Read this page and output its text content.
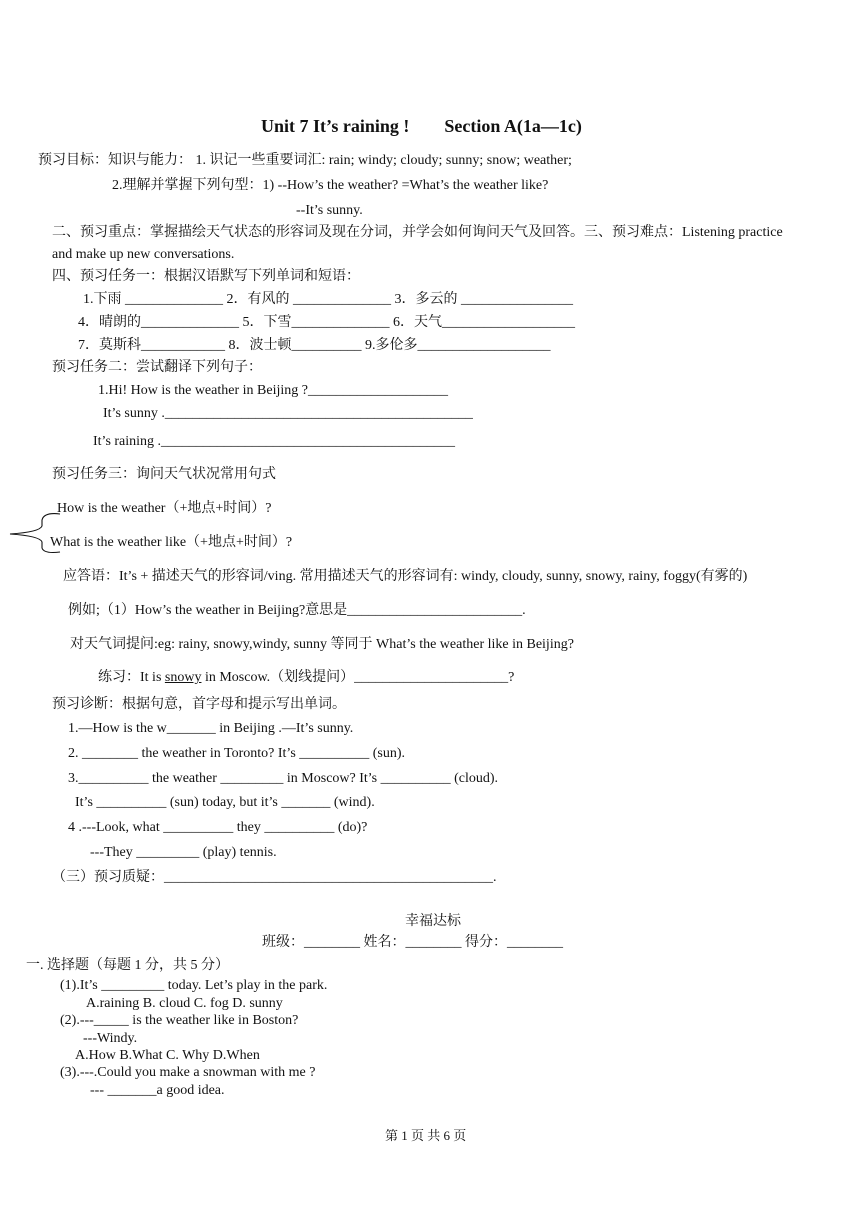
Unit 7 It’s raining ! Section A(1a—1c)
预习目标：知识与能力： 1. 识记一些重要词汇: rain; windy; cloudy; sunny; snow; weather;
2.理解并掌握下列句型：1) --How’s the weather? =What’s the weather like?
--It’s sunny.
二、预习重点：掌握描绘天气状态的形容词及现在分词，并学会如何询问天气及回答。三、预习难点：Listening practice
and make up new conversations.
四、预习任务一：根据汉语默写下列单词和短语：
1.下雨 ______________ 2．有风的 ______________ 3．多云的 ________________
4．晴朗的______________ 5．下雪______________ 6．天气___________________
7．莫斯科____________ 8．波士顿__________ 9.多伦多___________________
预习任务二：尝试翻译下列句子：
1.Hi! How is the weather in Beijing ?____________________
It’s sunny .____________________________________________
It’s raining .__________________________________________
预习任务三：询问天气状况常用句式
How is the weather（+地点+时间）?
What is the weather like（+地点+时间）?
应答语：It’s + 描述天气的形容词/ving. 常用描述天气的形容词有: windy, cloudy, sunny, snowy, rainy, foggy(有雾的)
例如;（1）How’s the weather in Beijing?意思是_________________________.
对天气词提问:eg: rainy, snowy,windy, sunny 等同于 What’s the weather like in Beijing?
练习：It is snowy in Moscow.（划线提问）______________________?
预习诊断：根据句意，首字母和提示写出单词。
1.—How is the w_______ in Beijing .—It’s sunny.
2. ________ the weather in Toronto? It’s __________ (sun).
3.__________ the weather _________ in Moscow? It’s __________ (cloud).
It’s __________ (sun) today, but it’s _______ (wind).
4 .---Look, what __________ they __________ (do)?
---They _________ (play) tennis.
（三）预习质疑：_______________________________________________.
幸福达标
班级：________ 姓名：________ 得分：________
一. 选择题（每题 1 分，共 5 分）
(1).It’s _________ today. Let’s play in the park.
A.raining B. cloud C. fog D. sunny
(2).---_____ is the weather like in Boston?
---Windy.
A.How B.What C. Why D.When
(3).---.Could you make a snowman with me ?
--- _______a good idea.
第 1 页 共 6 页
